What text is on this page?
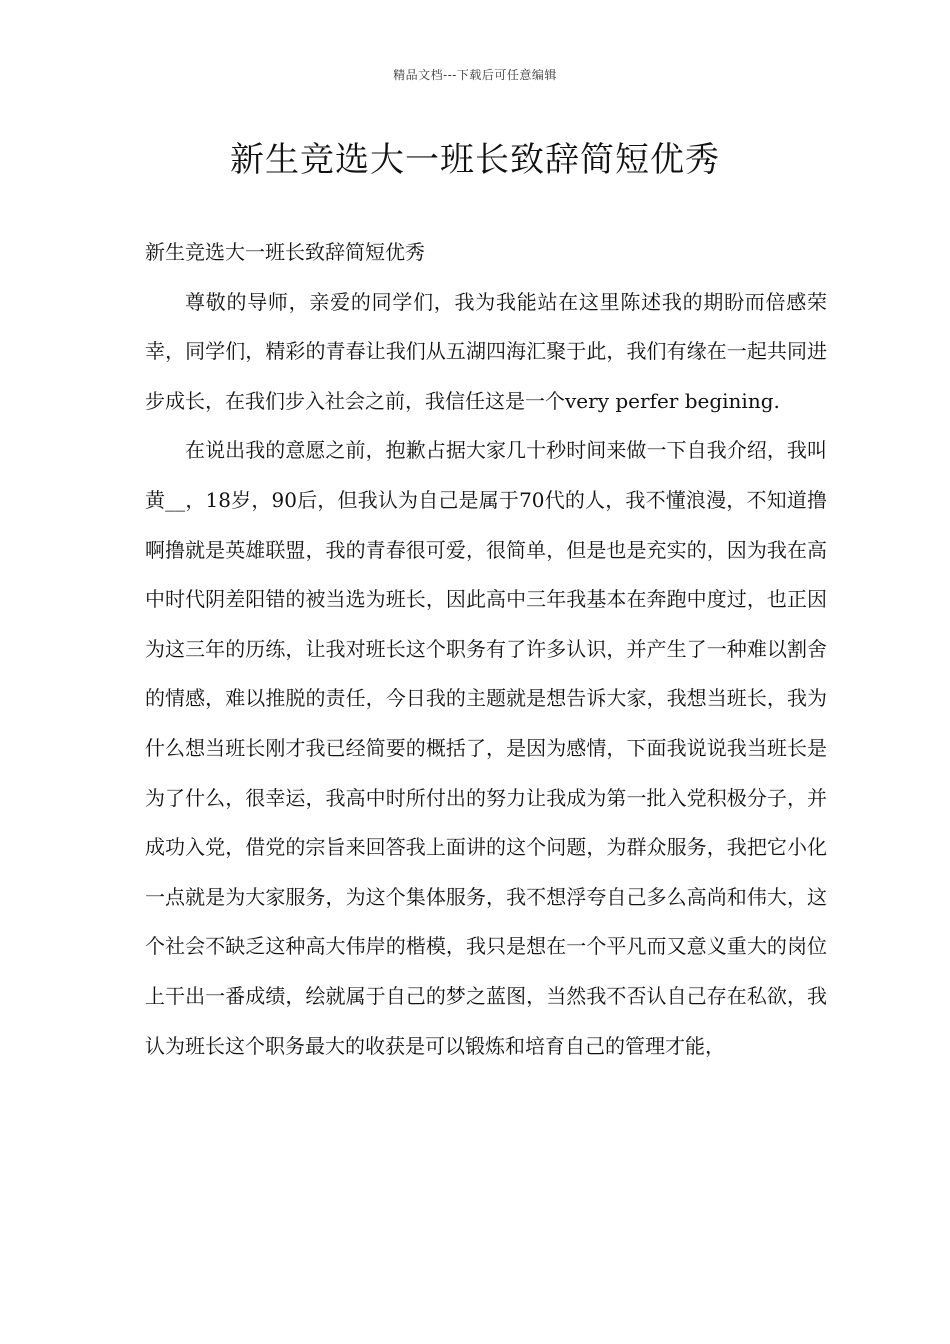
精品文档---下载后可任意编辑
新生竞选大一班长致辞简短优秀

新生竞选大一班长致辞简短优秀

尊敬的导师，亲爱的同学们，我为我能站在这里陈述我的期盼而倍感荣幸，同学们，精彩的青春让我们从五湖四海汇聚于此，我们有缘在一起共同进步成长，在我们步入社会之前，我信任这是一个very perfer begining.

在说出我的意愿之前，抱歉占据大家几十秒时间来做一下自我介绍，我叫黄__，18岁，90后，但我认为自己是属于70代的人，我不懂浪漫，不知道撸啊撸就是英雄联盟，我的青春很可爱，很简单，但是也是充实的，因为我在高中时代阴差阳错的被当选为班长，因此高中三年我基本在奔跑中度过，也正因为这三年的历练，让我对班长这个职务有了许多认识，并产生了一种难以割舍的情感，难以推脱的责任，今日我的主题就是想告诉大家，我想当班长，我为什么想当班长刚才我已经简要的概括了，是因为感情，下面我说说我当班长是为了什么，很幸运，我高中时所付出的努力让我成为第一批入党积极分子，并成功入党，借党的宗旨来回答我上面讲的这个问题，为群众服务，我把它小化一点就是为大家服务，为这个集体服务，我不想浮夸自己多么高尚和伟大，这个社会不缺乏这种高大伟岸的楷模，我只是想在一个平凡而又意义重大的岗位上干出一番成绩，绘就属于自己的梦之蓝图，当然我不否认自己存在私欲，我认为班长这个职务最大的收获是可以锻炼和培育自己的管理才能，
